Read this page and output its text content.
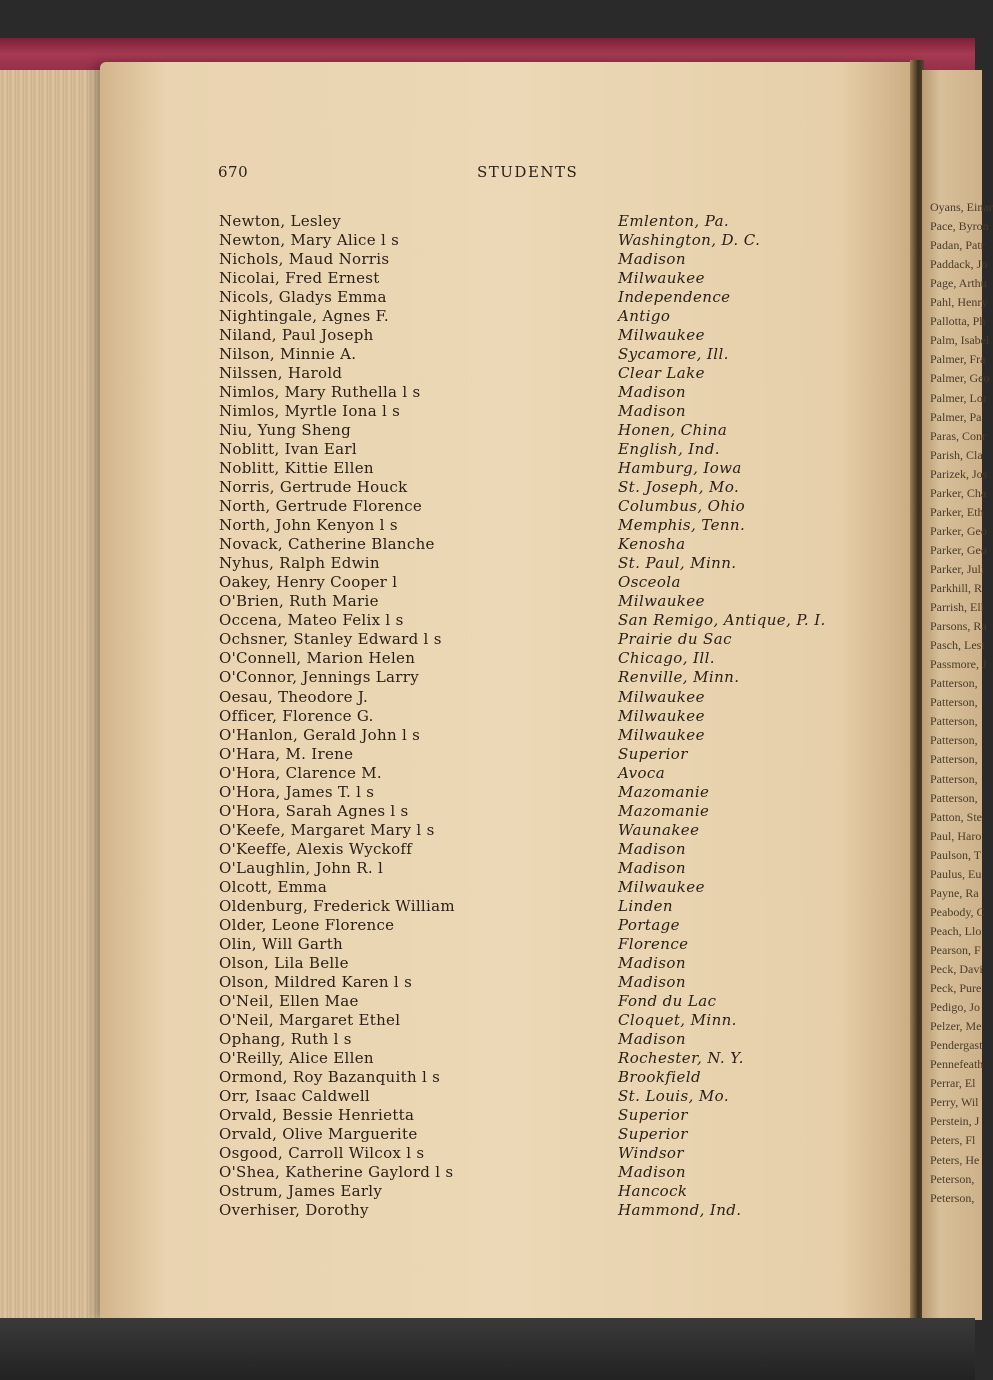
Oyans, Einar
Pace, Byron
Padan, Patr
Paddack, Jo
Page, Arthu
Pahl, Henry
Pallotta, Ph
Palm, Isabel
Palmer, Fra
Palmer, Geo
Palmer, Lor
Palmer, Pa
Paras, Conr
Parish, Cla
Parizek, Jos
Parker, Cha
Parker, Eth
Parker, Geo
Parker, Geo
Parker, Juli
Parkhill, R
Parrish, Ell
Parsons, Ra
Pasch, Lest
Passmore, J
Patterson,
Patterson,
Patterson,
Patterson,
Patterson,
Patterson,
Patterson,
Patton, Ste
Paul, Haro
Paulson, T
Paulus, Eu
Payne, Ra
Peabody, C
Peach, Llo
Pearson, F
Peck, Davi
Peck, Pure
Pedigo, Jo
Pelzer, Me
Pendergast
Pennefeath
Perrar, El
Perry, Wil
Perstein, J
Peters, Fl
Peters, He
Peterson,
Peterson,
670	STUDENTS
Newton, Lesley	Emlenton, Pa.
Newton, Mary Alice l s	Washington, D. C.
Nichols, Maud Norris	Madison
Nicolai, Fred Ernest	Milwaukee
Nicols, Gladys Emma	Independence
Nightingale, Agnes F.	Antigo
Niland, Paul Joseph	Milwaukee
Nilson, Minnie A.	Sycamore, Ill.
Nilssen, Harold	Clear Lake
Nimlos, Mary Ruthella l s	Madison
Nimlos, Myrtle Iona l s	Madison
Niu, Yung Sheng	Honen, China
Noblitt, Ivan Earl	English, Ind.
Noblitt, Kittie Ellen	Hamburg, Iowa
Norris, Gertrude Houck	St. Joseph, Mo.
North, Gertrude Florence	Columbus, Ohio
North, John Kenyon l s	Memphis, Tenn.
Novack, Catherine Blanche	Kenosha
Nyhus, Ralph Edwin	St. Paul, Minn.
Oakey, Henry Cooper l	Osceola
O'Brien, Ruth Marie	Milwaukee
Occena, Mateo Felix l s	San Remigo, Antique, P. I.
Ochsner, Stanley Edward l s	Prairie du Sac
O'Connell, Marion Helen	Chicago, Ill.
O'Connor, Jennings Larry	Renville, Minn.
Oesau, Theodore J.	Milwaukee
Officer, Florence G.	Milwaukee
O'Hanlon, Gerald John l s	Milwaukee
O'Hara, M. Irene	Superior
O'Hora, Clarence M.	Avoca
O'Hora, James T. l s	Mazomanie
O'Hora, Sarah Agnes l s	Mazomanie
O'Keefe, Margaret Mary l s	Waunakee
O'Keeffe, Alexis Wyckoff	Madison
O'Laughlin, John R. l	Madison
Olcott, Emma	Milwaukee
Oldenburg, Frederick William	Linden
Older, Leone Florence	Portage
Olin, Will Garth	Florence
Olson, Lila Belle	Madison
Olson, Mildred Karen l s	Madison
O'Neil, Ellen Mae	Fond du Lac
O'Neil, Margaret Ethel	Cloquet, Minn.
Ophang, Ruth l s	Madison
O'Reilly, Alice Ellen	Rochester, N. Y.
Ormond, Roy Bazanquith l s	Brookfield
Orr, Isaac Caldwell	St. Louis, Mo.
Orvald, Bessie Henrietta	Superior
Orvald, Olive Marguerite	Superior
Osgood, Carroll Wilcox l s	Windsor
O'Shea, Katherine Gaylord l s	Madison
Ostrum, James Early	Hancock
Overhiser, Dorothy	Hammond, Ind.
